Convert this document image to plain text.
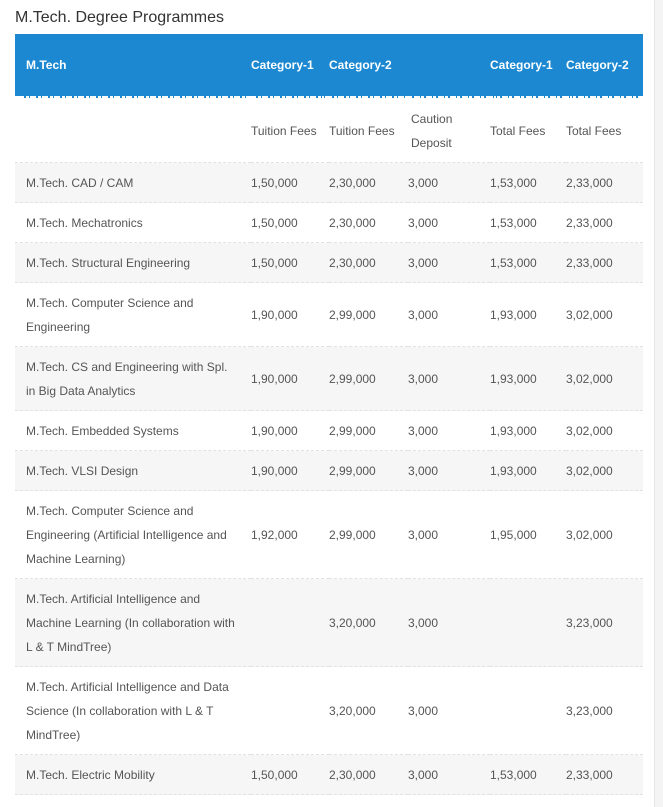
M.Tech. Degree Programmes
M.Tech	Category-1	Category-2		Category-1	Category-2
	Tuition Fees	Tuition Fees	Caution Deposit	Total Fees	Total Fees
M.Tech. CAD / CAM	1,50,000	2,30,000	3,000	1,53,000	2,33,000
M.Tech. Mechatronics	1,50,000	2,30,000	3,000	1,53,000	2,33,000
M.Tech. Structural Engineering	1,50,000	2,30,000	3,000	1,53,000	2,33,000
M.Tech. Computer Science and Engineering	1,90,000	2,99,000	3,000	1,93,000	3,02,000
M.Tech. CS and Engineering with Spl. in Big Data Analytics	1,90,000	2,99,000	3,000	1,93,000	3,02,000
M.Tech. Embedded Systems	1,90,000	2,99,000	3,000	1,93,000	3,02,000
M.Tech. VLSI Design	1,90,000	2,99,000	3,000	1,93,000	3,02,000
M.Tech. Computer Science and Engineering (Artificial Intelligence and Machine Learning)	1,92,000	2,99,000	3,000	1,95,000	3,02,000
M.Tech. Artificial Intelligence and Machine Learning (In collaboration with L & T MindTree)		3,20,000	3,000		3,23,000
M.Tech. Artificial Intelligence and Data Science (In collaboration with L & T MindTree)		3,20,000	3,000		3,23,000
M.Tech. Electric Mobility	1,50,000	2,30,000	3,000	1,53,000	2,33,000
